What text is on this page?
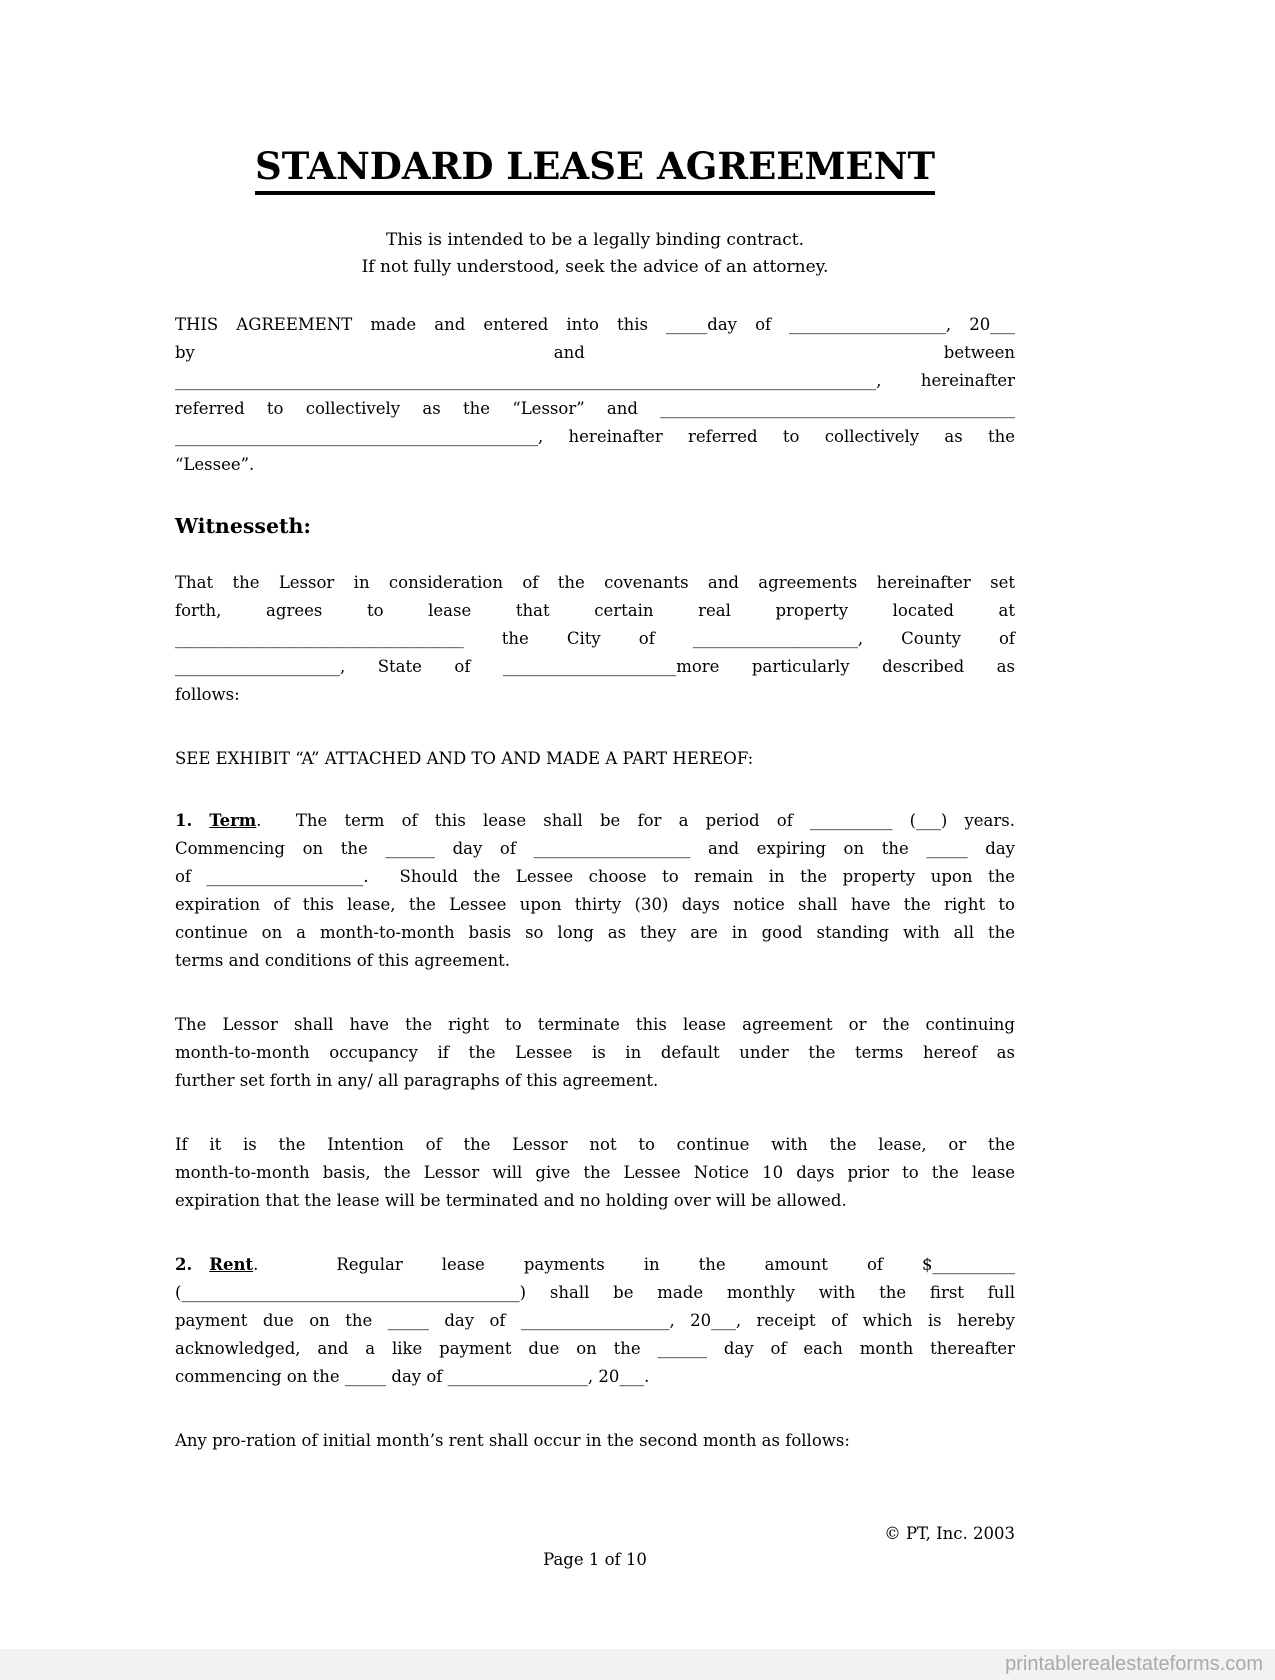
STANDARD LEASE AGREEMENT
This is intended to be a legally binding contract.
If not fully understood, seek the advice of an attorney.
THIS AGREEMENT made and entered into this _____day of ___________________, 20___
by and between
_____________________________________________________________________________________, hereinafter
referred to collectively as the “Lessor” and ___________________________________________
____________________________________________, hereinafter referred to collectively as the
“Lessee”.
Witnesseth:
That the Lessor in consideration of the covenants and agreements hereinafter set
forth, agrees to lease that certain real property located at
___________________________________ the City of ____________________, County of
____________________, State of _____________________more particularly described as
follows:
SEE EXHIBIT “A” ATTACHED AND TO AND MADE A PART HEREOF:
1. Term.  The term of this lease shall be for a period of __________ (___) years.
Commencing on the ______ day of ___________________ and expiring on the _____ day
of ___________________.  Should the Lessee choose to remain in the property upon the
expiration of this lease, the Lessee upon thirty (30) days notice shall have the right to
continue on a month-to-month basis so long as they are in good standing with all the
terms and conditions of this agreement.
The Lessor shall have the right to terminate this lease agreement or the continuing
month-to-month occupancy if the Lessee is in default under the terms hereof as
further set forth in any/ all paragraphs of this agreement.
If it is the Intention of the Lessor not to continue with the lease, or the
month-to-month basis, the Lessor will give the Lessee Notice 10 days prior to the lease
expiration that the lease will be terminated and no holding over will be allowed.
2. Rent.  Regular lease payments in the amount of $__________
(_________________________________________) shall be made monthly with the first full
payment due on the _____ day of __________________, 20___, receipt of which is hereby
acknowledged, and a like payment due on the ______ day of each month thereafter
commencing on the _____ day of _________________, 20___.
Any pro-ration of initial month’s rent shall occur in the second month as follows:
© PT, Inc. 2003
Page 1 of 10
printablerealestateforms.com
